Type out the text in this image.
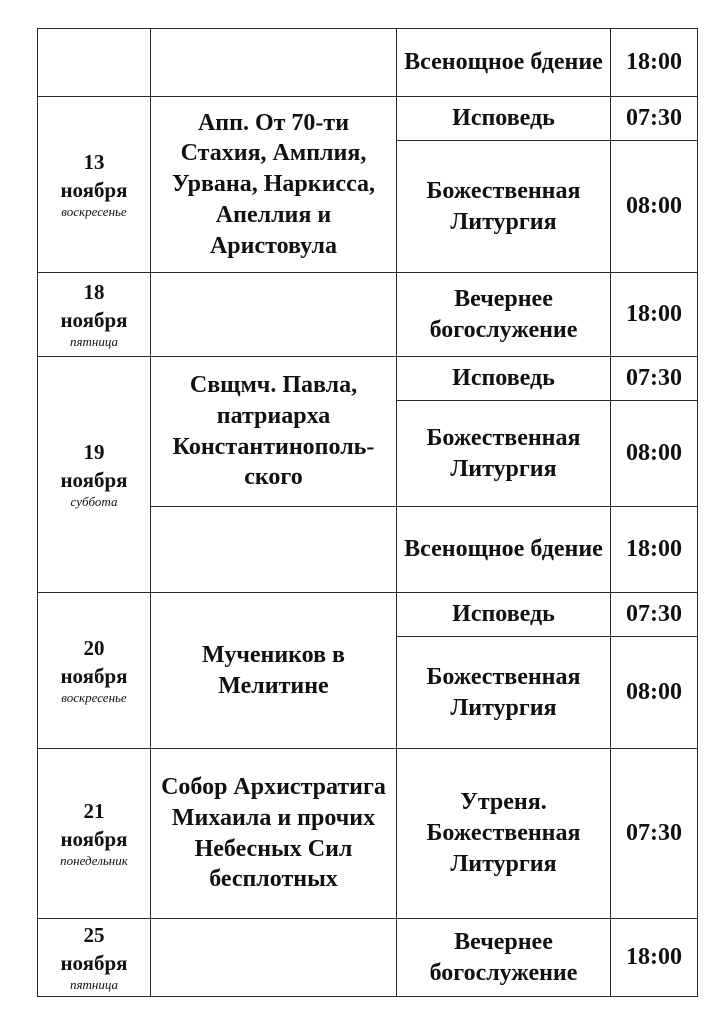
		Всенощное бдение	18:00

13
ноября
воскресенье	Апп. От 70-ти Стахия, Амплия, Урвана, Наркисса, Апеллия и Аристовула	Исповедь	07:30
		Божественная Литургия	08:00

18
ноября
пятница		Вечернее богослужение	18:00

19
ноября
суббота	Свщмч. Павла, патриарха Константинополь-ского	Исповедь	07:30
		Божественная Литургия	08:00
		Всенощное бдение	18:00

20
ноября
воскресенье	Мучеников в Мелитине	Исповедь	07:30
		Божественная Литургия	08:00

21
ноября
понедельник	Собор Архистратига Михаила и прочих Небесных Сил бесплотных	Утреня. Божественная Литургия	07:30

25
ноября
пятница		Вечернее богослужение	18:00
